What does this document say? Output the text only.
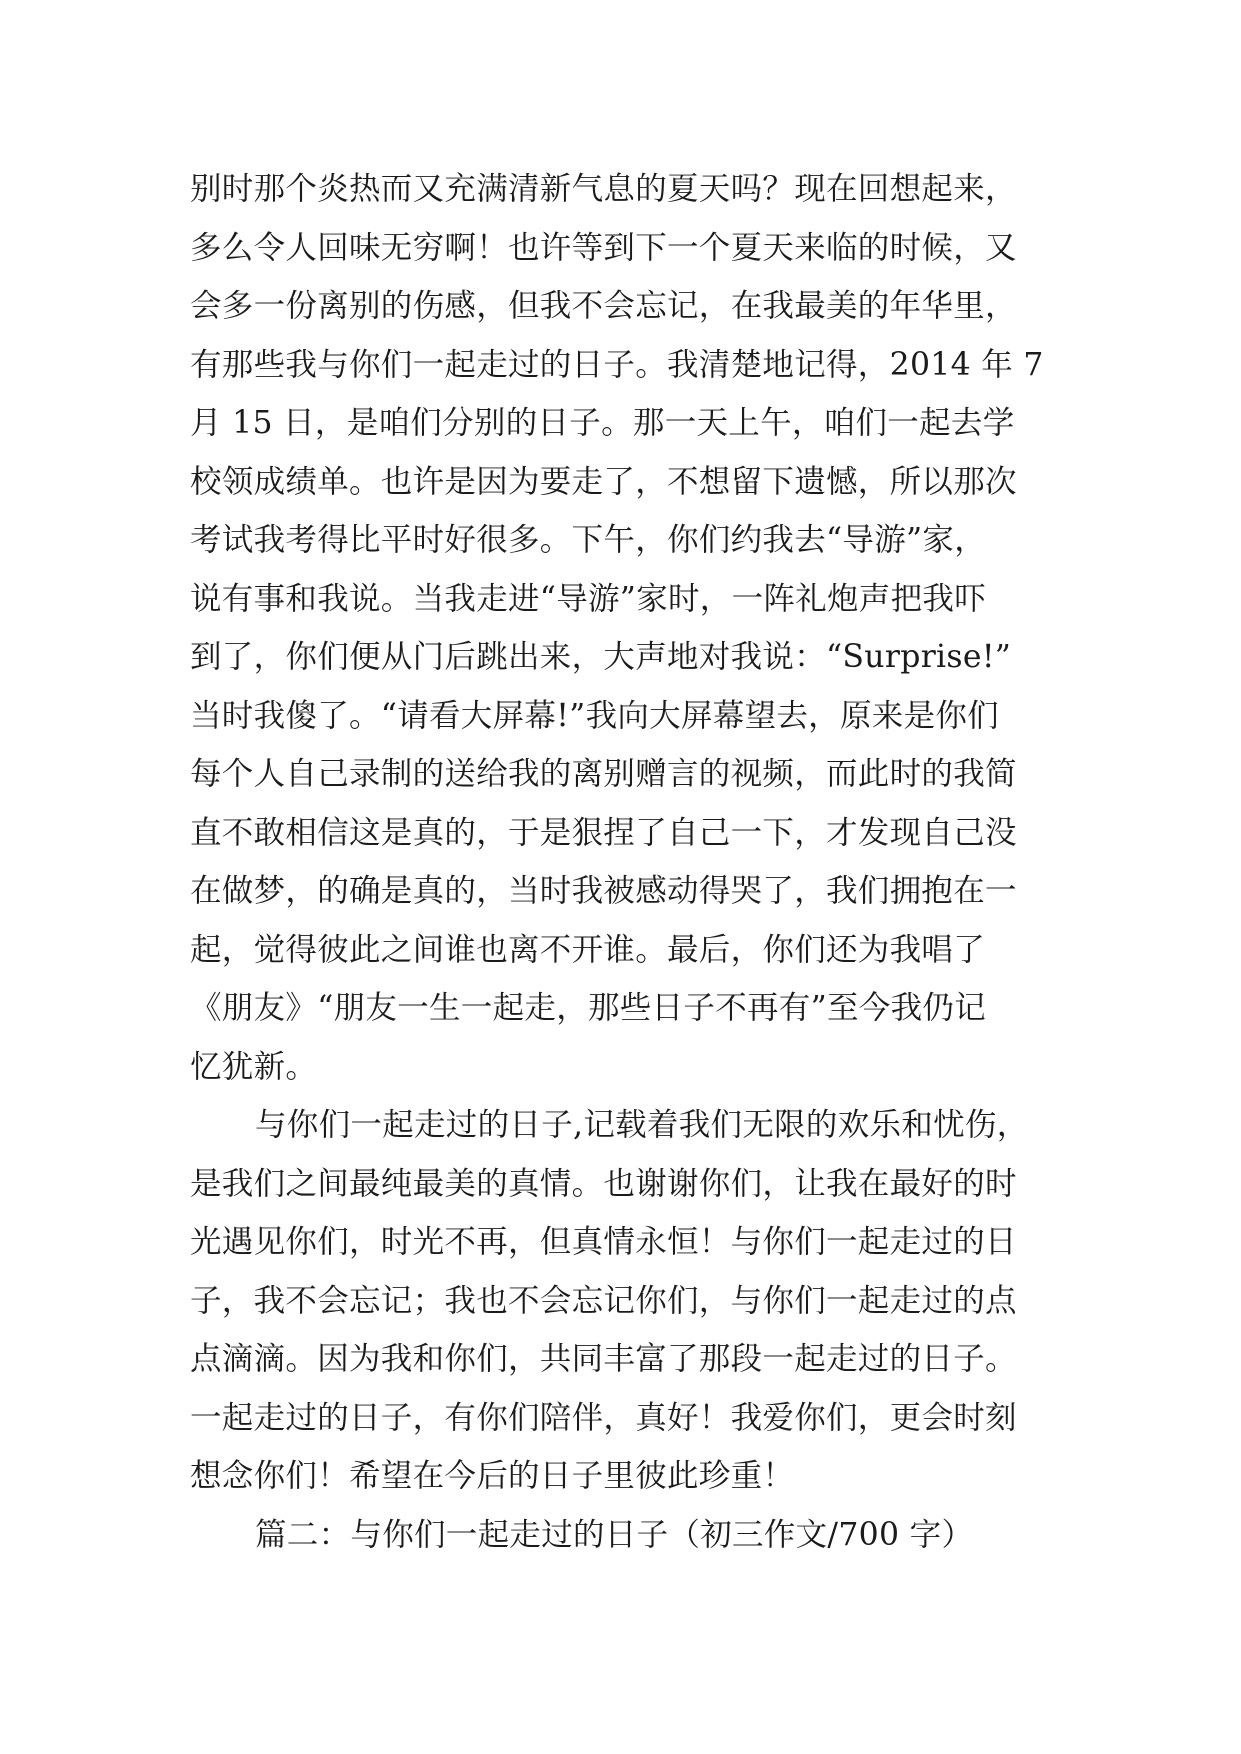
别时那个炎热而又充满清新气息的夏天吗？现在回想起来，

多么令人回味无穷啊！也许等到下一个夏天来临的时候，又

会多一份离别的伤感，但我不会忘记，在我最美的年华里，

有那些我与你们一起走过的日子。我清楚地记得，2014 年 7

月 15 日，是咱们分别的日子。那一天上午，咱们一起去学

校领成绩单。也许是因为要走了，不想留下遗憾，所以那次

考试我考得比平时好很多。下午，你们约我去“导游”家，

说有事和我说。当我走进“导游”家时，一阵礼炮声把我吓

到了，你们便从门后跳出来，大声地对我说：“Surprise!”

当时我傻了。“请看大屏幕!”我向大屏幕望去，原来是你们

每个人自己录制的送给我的离别赠言的视频，而此时的我简

直不敢相信这是真的，于是狠捏了自己一下，才发现自己没

在做梦，的确是真的，当时我被感动得哭了，我们拥抱在一

起，觉得彼此之间谁也离不开谁。最后，你们还为我唱了

《朋友》“朋友一生一起走，那些日子不再有”至今我仍记

忆犹新。

与你们一起走过的日子,记载着我们无限的欢乐和忧伤，

是我们之间最纯最美的真情。也谢谢你们，让我在最好的时

光遇见你们，时光不再，但真情永恒！与你们一起走过的日

子，我不会忘记；我也不会忘记你们，与你们一起走过的点

点滴滴。因为我和你们，共同丰富了那段一起走过的日子。

一起走过的日子，有你们陪伴，真好！我爱你们，更会时刻

想念你们！希望在今后的日子里彼此珍重！

篇二：与你们一起走过的日子（初三作文/700 字）
